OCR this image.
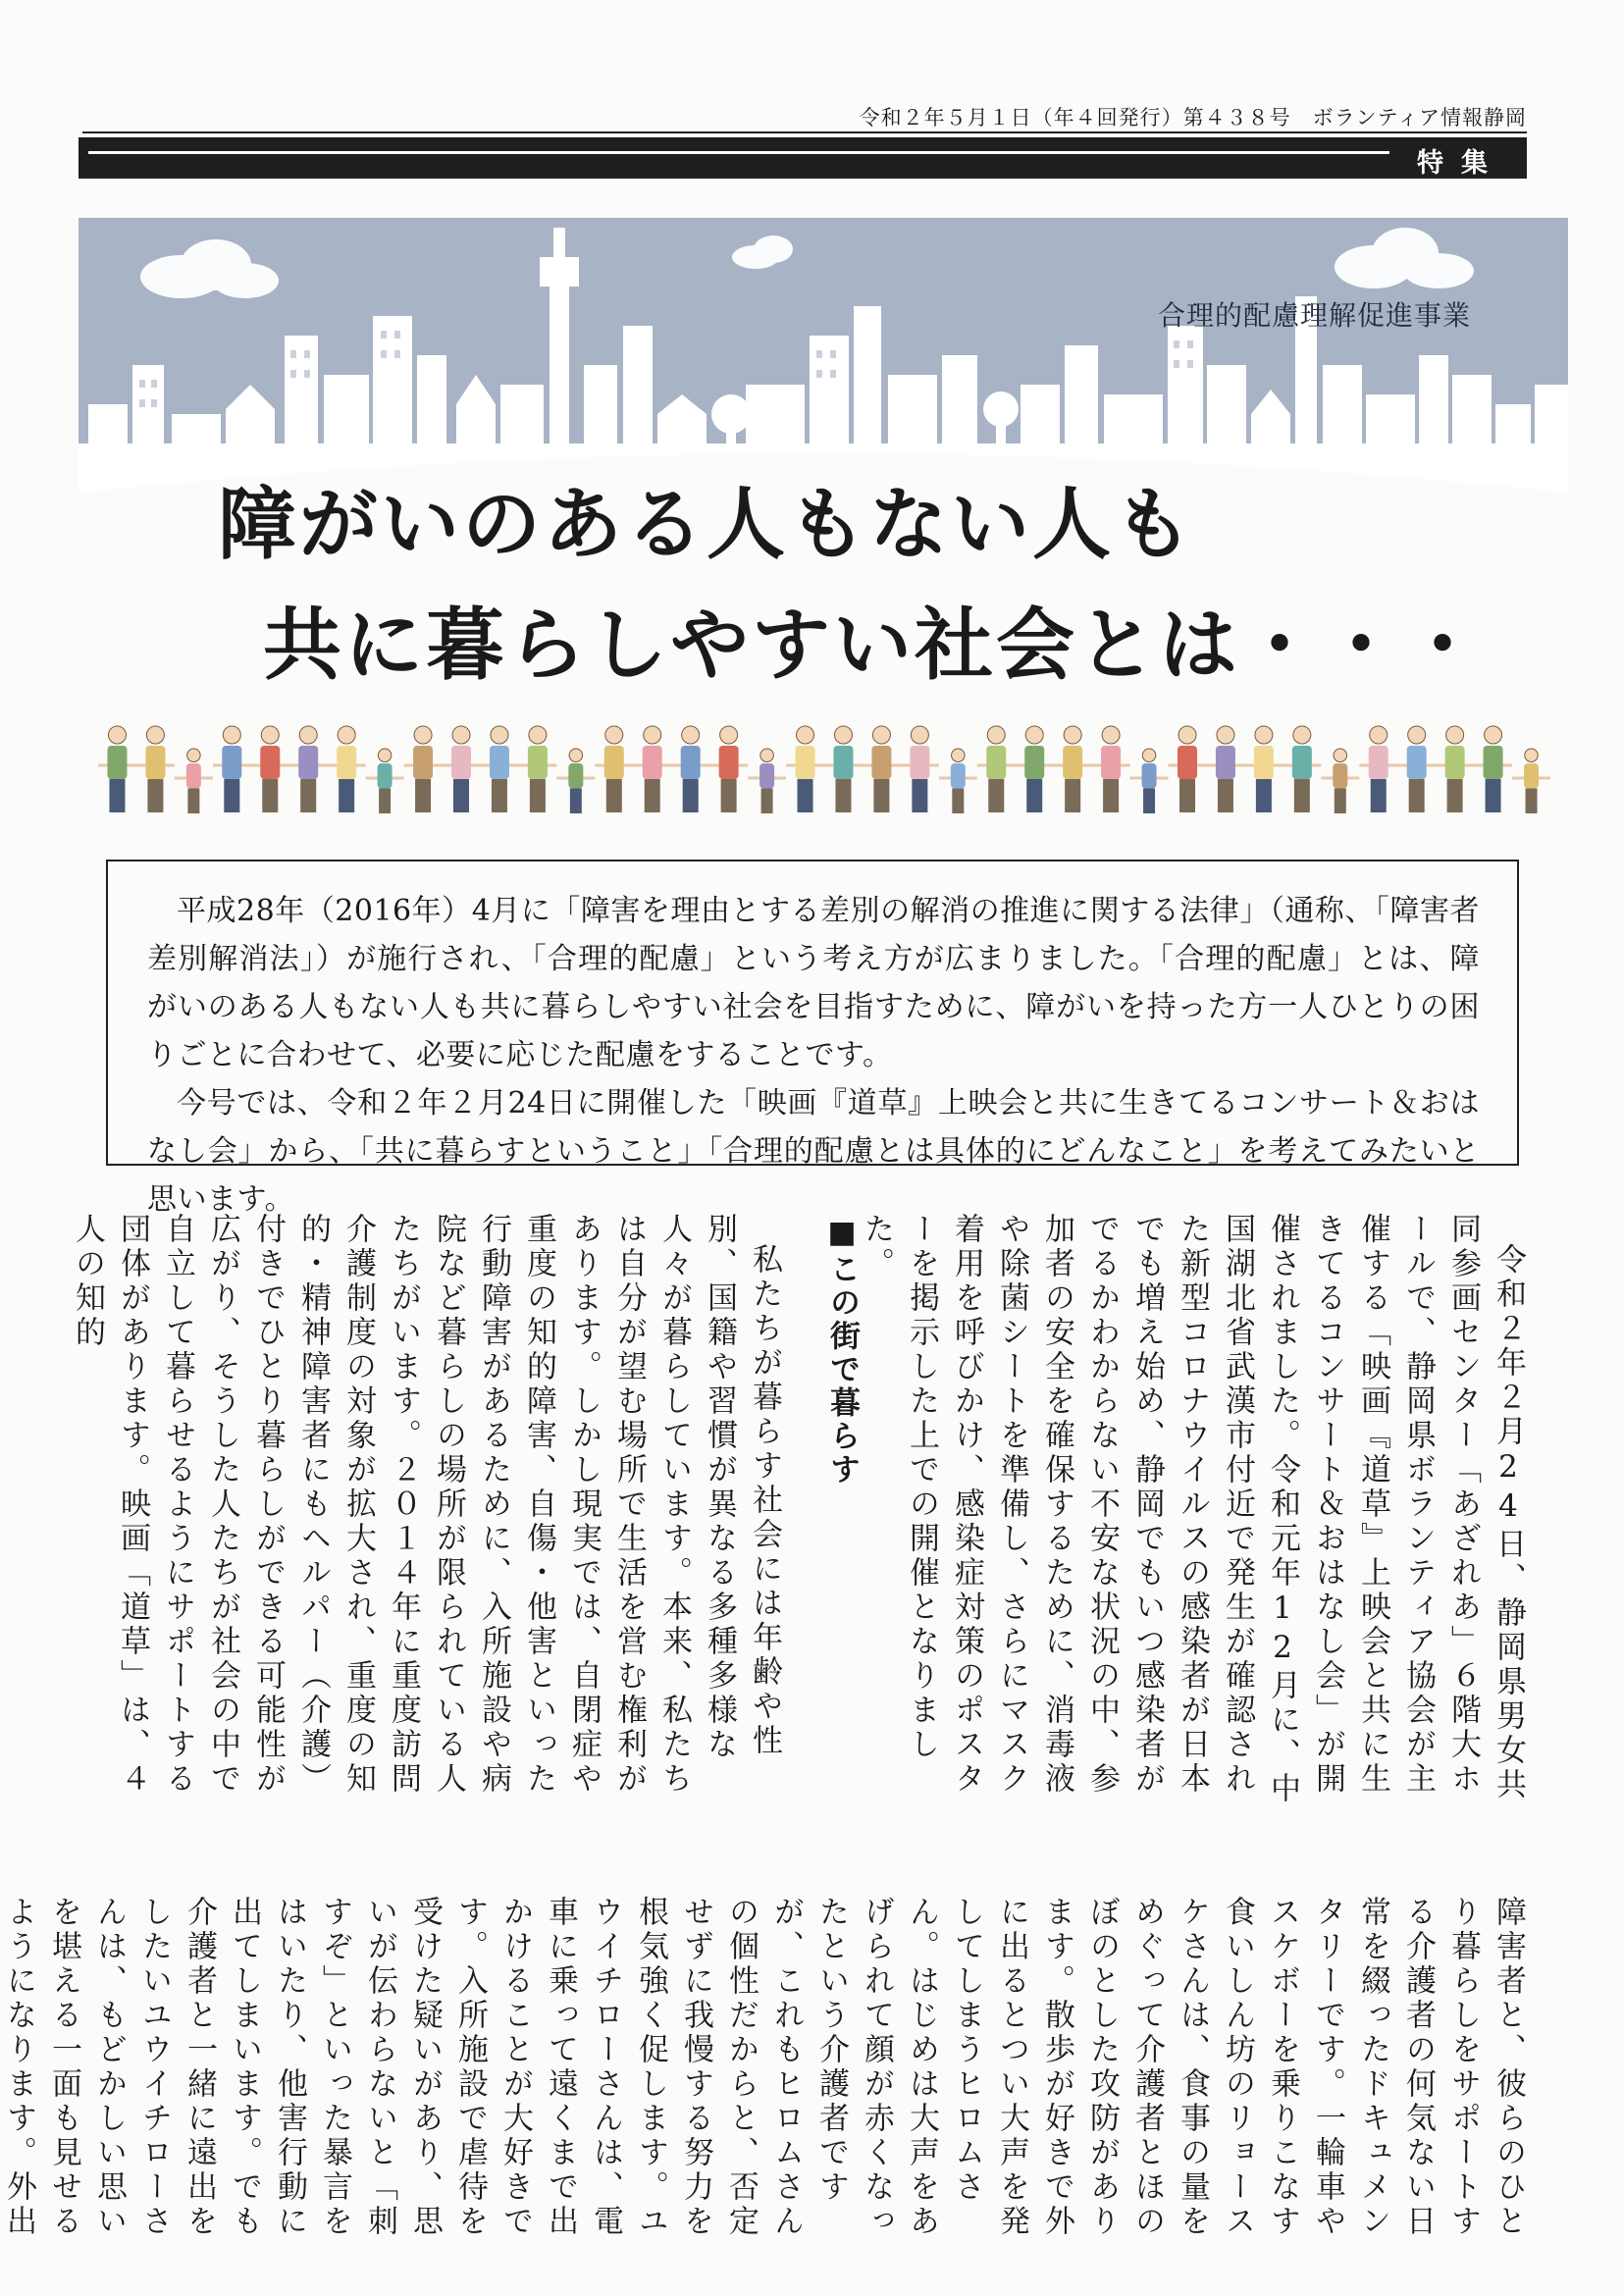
令和２年５月１日（年４回発行）第４３８号　ボランティア情報静岡
特集
合理的配慮理解促進事業
障がいのある人もない人も
共に暮らしやすい社会とは・・・

平成28年（2016年）4月に「障害を理由とする差別の解消の推進に関する法律」（通称、「障害者差別解消法」）が施行され、「合理的配慮」という考え方が広まりました。「合理的配慮」とは、障がいのある人もない人も共に暮らしやすい社会を目指すために、障がいを持った方一人ひとりの困りごとに合わせて、必要に応じた配慮をすることです。

今号では、令和２年２月24日に開催した「映画『道草』上映会と共に生きてるコンサート＆おはなし会」から、「共に暮らすということ」「合理的配慮とは具体的にどんなこと」を考えてみたいと思います。

令和２年２月24日、静岡県男女共同参画センター「あざれあ」６階大ホールで、静岡県ボランティア協会が主催する「映画『道草』上映会と共に生きてるコンサート＆おはなし会」が開催されました。令和元年12月に、中国湖北省武漢市付近で発生が確認された新型コロナウイルスの感染者が日本でも増え始め、静岡でもいつ感染者がでるかわからない不安な状況の中、参加者の安全を確保するために、消毒液や除菌シートを準備し、さらにマスク着用を呼びかけ、感染症対策のポスターを掲示した上での開催となりました。

■この街で暮らす

私たちが暮らす社会には年齢や性別、国籍や習慣が異なる多種多様な人々が暮らしています。本来、私たちは自分が望む場所で生活を営む権利があります。しかし現実では、自閉症や重度の知的障害、自傷・他害といった行動障害があるために、入所施設や病院など暮らしの場所が限られている人たちがいます。２０１４年に重度訪問介護制度の対象が拡大され、重度の知的・精神障害者にもヘルパー（介護）付きでひとり暮らしができる可能性が広がり、そうした人たちが社会の中で自立して暮らせるようにサポートする団体があります。映画「道草」は、４人の知的

障害者と、彼らのひとり暮らしをサポートする介護者の何気ない日常を綴ったドキュメンタリーです。一輪車やスケボーを乗りこなす食いしん坊のリョースケさんは、食事の量をめぐって介護者とほのぼのとした攻防があります。散歩が好きで外に出るとつい大声を発してしまうヒロムさん。はじめは大声をあげられて顔が赤くなったという介護者ですが、これもヒロムさんの個性だからと、否定せずに我慢する努力を根気強く促します。ユウイチローさんは、電車に乗って遠くまで出かけることが大好きです。入所施設で虐待を受けた疑いがあり、思いが伝わらないと「刺すぞ」といった暴言をはいたり、他害行動に出てしまいます。でも介護者と一緒に遠出をしたいユウイチローさんは、もどかしい思いを堪える一面も見せるようになります。外出
